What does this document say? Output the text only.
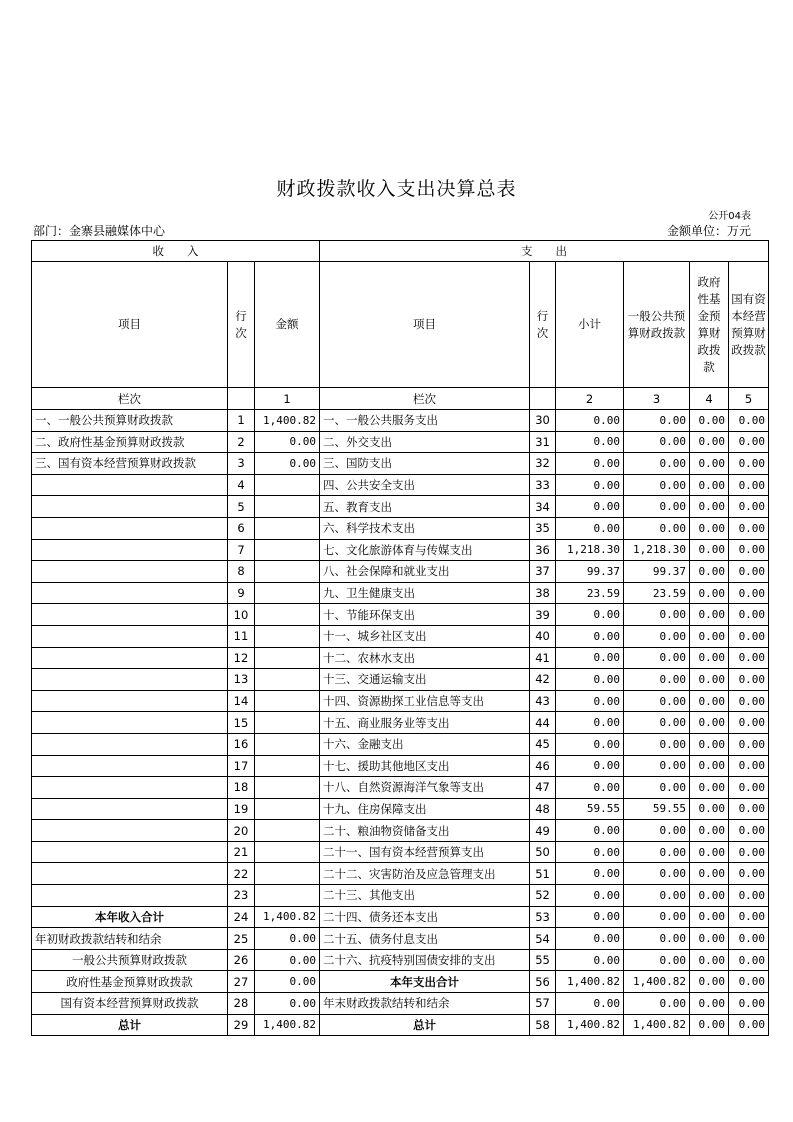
财政拨款收入支出决算总表
公开04表
部门：金寨县融媒体中心	金额单位：万元
收　　入			支　　出					
项目	行次	金额	项目	行次	小计	一般公共预算财政拨款	政府性基金预算财政拨款	国有资本经营预算财政拨款
栏次		1	栏次		2	3	4	5
一、一般公共预算财政拨款	1	1,400.82	一、一般公共服务支出	30	0.00	0.00	0.00	0.00
二、政府性基金预算财政拨款	2	0.00	二、外交支出	31	0.00	0.00	0.00	0.00
三、国有资本经营预算财政拨款	3	0.00	三、国防支出	32	0.00	0.00	0.00	0.00
	4		四、公共安全支出	33	0.00	0.00	0.00	0.00
	5		五、教育支出	34	0.00	0.00	0.00	0.00
	6		六、科学技术支出	35	0.00	0.00	0.00	0.00
	7		七、文化旅游体育与传媒支出	36	1,218.30	1,218.30	0.00	0.00
	8		八、社会保障和就业支出	37	99.37	99.37	0.00	0.00
	9		九、卫生健康支出	38	23.59	23.59	0.00	0.00
	10		十、节能环保支出	39	0.00	0.00	0.00	0.00
	11		十一、城乡社区支出	40	0.00	0.00	0.00	0.00
	12		十二、农林水支出	41	0.00	0.00	0.00	0.00
	13		十三、交通运输支出	42	0.00	0.00	0.00	0.00
	14		十四、资源勘探工业信息等支出	43	0.00	0.00	0.00	0.00
	15		十五、商业服务业等支出	44	0.00	0.00	0.00	0.00
	16		十六、金融支出	45	0.00	0.00	0.00	0.00
	17		十七、援助其他地区支出	46	0.00	0.00	0.00	0.00
	18		十八、自然资源海洋气象等支出	47	0.00	0.00	0.00	0.00
	19		十九、住房保障支出	48	59.55	59.55	0.00	0.00
	20		二十、粮油物资储备支出	49	0.00	0.00	0.00	0.00
	21		二十一、国有资本经营预算支出	50	0.00	0.00	0.00	0.00
	22		二十二、灾害防治及应急管理支出	51	0.00	0.00	0.00	0.00
	23		二十三、其他支出	52	0.00	0.00	0.00	0.00
本年收入合计	24	1,400.82	二十四、债务还本支出	53	0.00	0.00	0.00	0.00
年初财政拨款结转和结余	25	0.00	二十五、债务付息支出	54	0.00	0.00	0.00	0.00
一般公共预算财政拨款	26	0.00	二十六、抗疫特别国债安排的支出	55	0.00	0.00	0.00	0.00
政府性基金预算财政拨款	27	0.00	本年支出合计	56	1,400.82	1,400.82	0.00	0.00
国有资本经营预算财政拨款	28	0.00	年末财政拨款结转和结余	57	0.00	0.00	0.00	0.00
总计	29	1,400.82	总计	58	1,400.82	1,400.82	0.00	0.00
